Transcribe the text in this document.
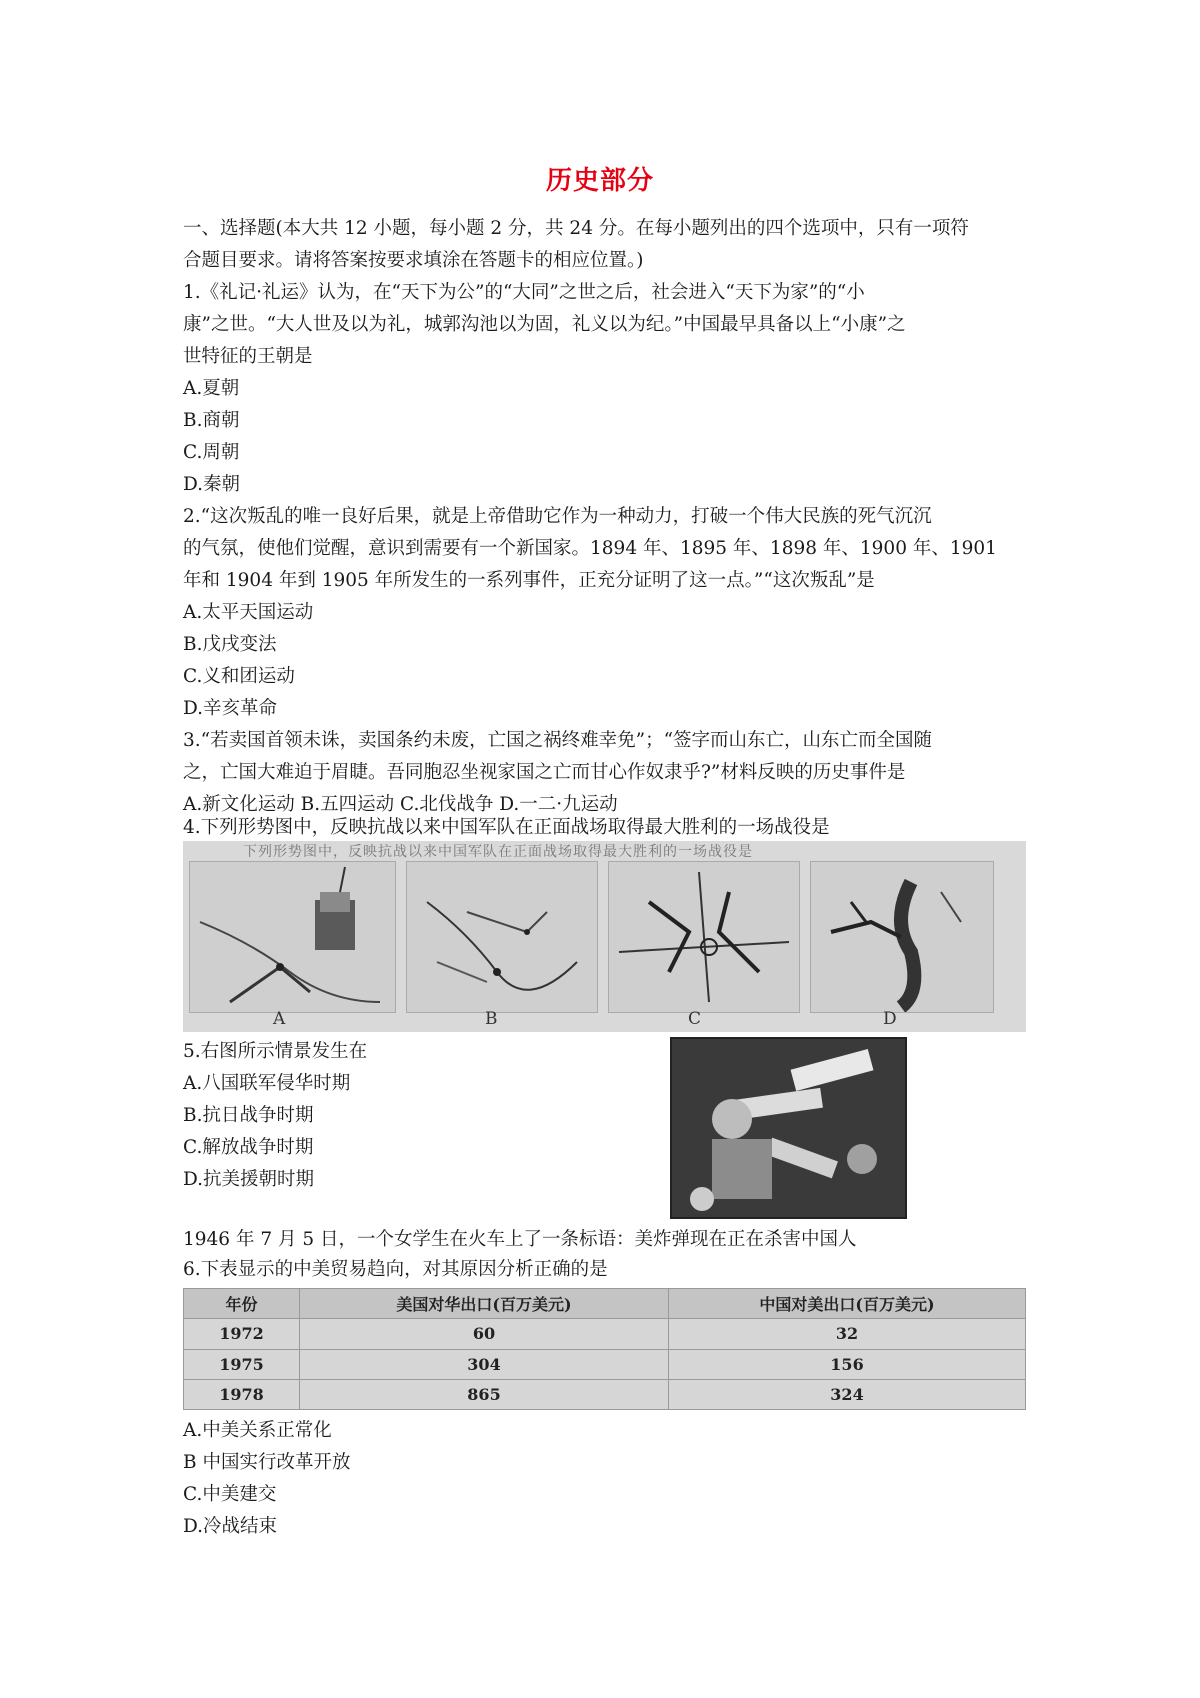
历史部分
一、选择题(本大共 12 小题，每小题 2 分，共 24 分。在每小题列出的四个选项中，只有一项符
合题目要求。请将答案按要求填涂在答题卡的相应位置。)
1.《礼记·礼运》认为，在“天下为公”的“大同”之世之后，社会进入“天下为家”的“小
康”之世。“大人世及以为礼，城郭沟池以为固，礼义以为纪。”中国最早具备以上“小康”之
世特征的王朝是
A.夏朝
B.商朝
C.周朝
D.秦朝
2.“这次叛乱的唯一良好后果，就是上帝借助它作为一种动力，打破一个伟大民族的死气沉沉
的气氛，使他们觉醒，意识到需要有一个新国家。1894 年、1895 年、1898 年、1900 年、1901
年和 1904 年到 1905 年所发生的一系列事件，正充分证明了这一点。”“这次叛乱”是
A.太平天国运动
B.戊戌变法
C.义和团运动
D.辛亥革命
3.“若卖国首领未诛，卖国条约未废，亡国之祸终难幸免”；“签字而山东亡，山东亡而全国随
之，亡国大难迫于眉睫。吾同胞忍坐视家国之亡而甘心作奴隶乎?”材料反映的历史事件是
A.新文化运动 B.五四运动 C.北伐战争 D.一二·九运动
4.下列形势图中，反映抗战以来中国军队在正面战场取得最大胜利的一场战役是
下列形势图中，反映抗战以来中国军队在正面战场取得最大胜利的一场战役是
A	B	C	D
5.右图所示情景发生在
A.八国联军侵华时期
B.抗日战争时期
C.解放战争时期
D.抗美援朝时期
1946 年 7 月 5 日，一个女学生在火车上了一条标语：美炸弹现在正在杀害中国人
6.下表显示的中美贸易趋向，对其原因分析正确的是
年份	美国对华出口(百万美元)	中国对美出口(百万美元)
1972	60	32
1975	304	156
1978	865	324
A.中美关系正常化
B 中国实行改革开放
C.中美建交
D.冷战结束
